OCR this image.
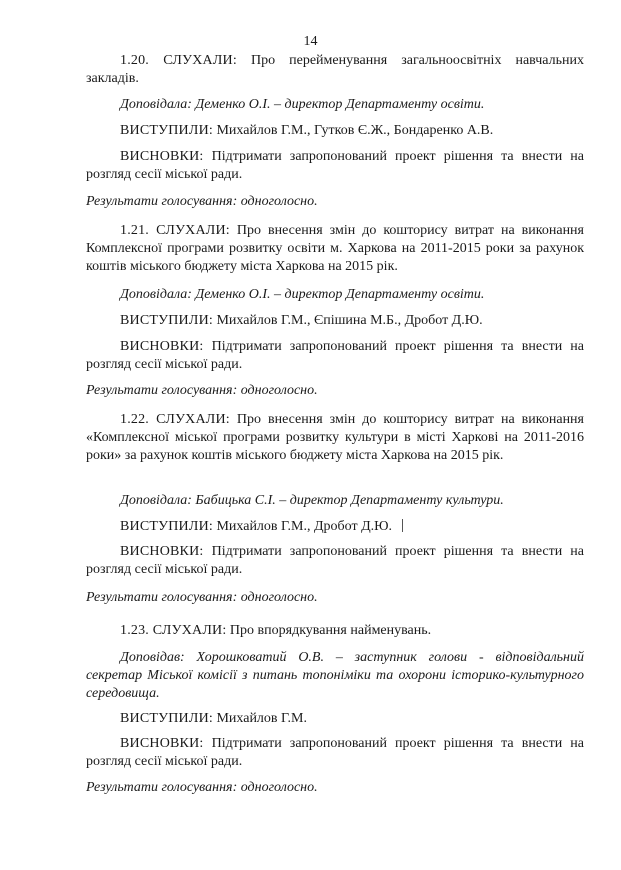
14
1.20. СЛУХАЛИ: Про перейменування загальноосвітніх навчальних закладів.
Доповідала: Деменко О.І. – директор Департаменту освіти.
ВИСТУПИЛИ: Михайлов Г.М., Гутков Є.Ж., Бондаренко А.В.
ВИСНОВКИ: Підтримати запропонований проект рішення та внести на розгляд сесії міської ради.
Результати голосування: одноголосно.
1.21. СЛУХАЛИ: Про внесення змін до кошторису витрат на виконання Комплексної програми розвитку освіти м. Харкова на 2011-2015 роки за рахунок коштів міського бюджету міста Харкова на 2015 рік.
Доповідала: Деменко О.І. – директор Департаменту освіти.
ВИСТУПИЛИ: Михайлов Г.М., Єпішина М.Б., Дробот Д.Ю.
ВИСНОВКИ: Підтримати запропонований проект рішення та внести на розгляд сесії міської ради.
Результати голосування: одноголосно.
1.22. СЛУХАЛИ: Про внесення змін до кошторису витрат на виконання «Комплексної міської програми розвитку культури в місті Харкові на 2011-2016 роки» за рахунок коштів міського бюджету міста Харкова на 2015 рік.
Доповідала: Бабицька С.І. – директор Департаменту культури.
ВИСТУПИЛИ: Михайлов Г.М., Дробот Д.Ю.
ВИСНОВКИ: Підтримати запропонований проект рішення та внести на розгляд сесії міської ради.
Результати голосування: одноголосно.
1.23. СЛУХАЛИ: Про впорядкування найменувань.
Доповідав: Хорошковатий О.В. – заступник голови - відповідальний секретар Міської комісії з питань топоніміки та охорони історико-культурного середовища.
ВИСТУПИЛИ: Михайлов Г.М.
ВИСНОВКИ: Підтримати запропонований проект рішення та внести на розгляд сесії міської ради.
Результати голосування: одноголосно.
